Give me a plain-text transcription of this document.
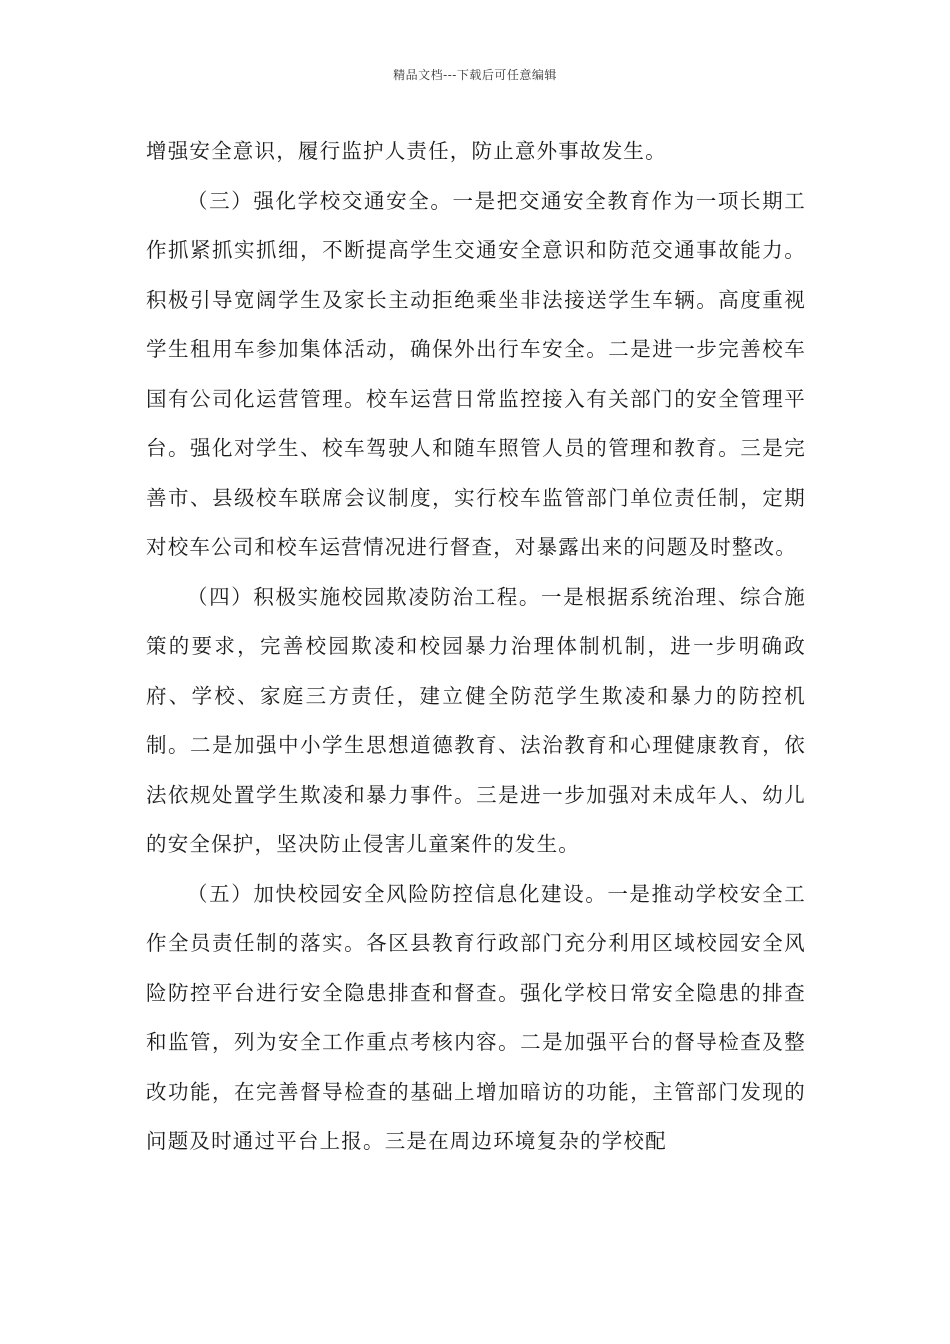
精品文档---下载后可任意编辑

增强安全意识，履行监护人责任，防止意外事故发生。

（三）强化学校交通安全。一是把交通安全教育作为一项长期工作抓紧抓实抓细，不断提高学生交通安全意识和防范交通事故能力。积极引导宽阔学生及家长主动拒绝乘坐非法接送学生车辆。高度重视学生租用车参加集体活动，确保外出行车安全。二是进一步完善校车国有公司化运营管理。校车运营日常监控接入有关部门的安全管理平台。强化对学生、校车驾驶人和随车照管人员的管理和教育。三是完善市、县级校车联席会议制度，实行校车监管部门单位责任制，定期对校车公司和校车运营情况进行督查，对暴露出来的问题及时整改。

（四）积极实施校园欺凌防治工程。一是根据系统治理、综合施策的要求，完善校园欺凌和校园暴力治理体制机制，进一步明确政府、学校、家庭三方责任，建立健全防范学生欺凌和暴力的防控机制。二是加强中小学生思想道德教育、法治教育和心理健康教育，依法依规处置学生欺凌和暴力事件。三是进一步加强对未成年人、幼儿的安全保护，坚决防止侵害儿童案件的发生。

（五）加快校园安全风险防控信息化建设。一是推动学校安全工作全员责任制的落实。各区县教育行政部门充分利用区域校园安全风险防控平台进行安全隐患排查和督查。强化学校日常安全隐患的排查和监管，列为安全工作重点考核内容。二是加强平台的督导检查及整改功能，在完善督导检查的基础上增加暗访的功能，主管部门发现的问题及时通过平台上报。三是在周边环境复杂的学校配
